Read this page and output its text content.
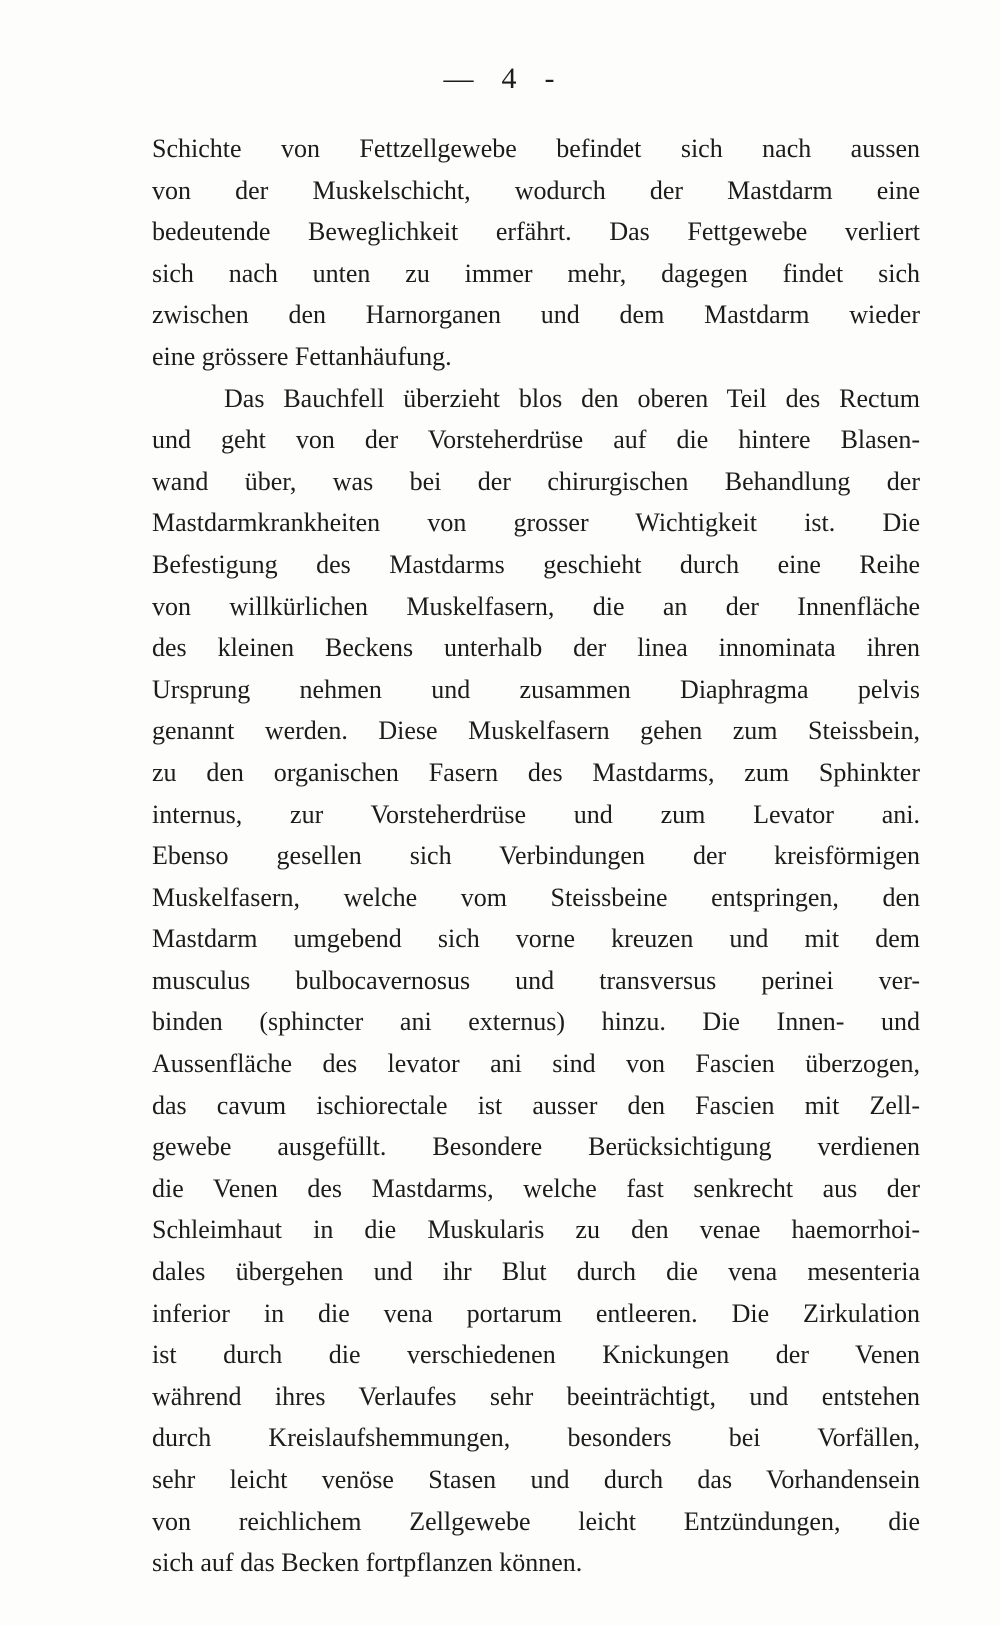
— 4 -
Schichte von Fettzellgewebe befindet sich nach aussen
von der Muskelschicht, wodurch der Mastdarm eine
bedeutende Beweglichkeit erfährt. Das Fettgewebe verliert
sich nach unten zu immer mehr, dagegen findet sich
zwischen den Harnorganen und dem Mastdarm wieder
eine grössere Fettanhäufung.
Das Bauchfell überzieht blos den oberen Teil des Rectum
und geht von der Vorsteherdrüse auf die hintere Blasen-
wand über, was bei der chirurgischen Behandlung der
Mastdarmkrankheiten von grosser Wichtigkeit ist. Die
Befestigung des Mastdarms geschieht durch eine Reihe
von willkürlichen Muskelfasern, die an der Innenfläche
des kleinen Beckens unterhalb der linea innominata ihren
Ursprung nehmen und zusammen Diaphragma pelvis
genannt werden. Diese Muskelfasern gehen zum Steissbein,
zu den organischen Fasern des Mastdarms, zum Sphinkter
internus, zur Vorsteherdrüse und zum Levator ani.
Ebenso gesellen sich Verbindungen der kreisförmigen
Muskelfasern, welche vom Steissbeine entspringen, den
Mastdarm umgebend sich vorne kreuzen und mit dem
musculus bulbocavernosus und transversus perinei ver-
binden (sphincter ani externus) hinzu. Die Innen- und
Aussenfläche des levator ani sind von Fascien überzogen,
das cavum ischiorectale ist ausser den Fascien mit Zell-
gewebe ausgefüllt. Besondere Berücksichtigung verdienen
die Venen des Mastdarms, welche fast senkrecht aus der
Schleimhaut in die Muskularis zu den venae haemorrhoi-
dales übergehen und ihr Blut durch die vena mesenteria
inferior in die vena portarum entleeren. Die Zirkulation
ist durch die verschiedenen Knickungen der Venen
während ihres Verlaufes sehr beeinträchtigt, und entstehen
durch Kreislaufshemmungen, besonders bei Vorfällen,
sehr leicht venöse Stasen und durch das Vorhandensein
von reichlichem Zellgewebe leicht Entzündungen, die
sich auf das Becken fortpflanzen können.
